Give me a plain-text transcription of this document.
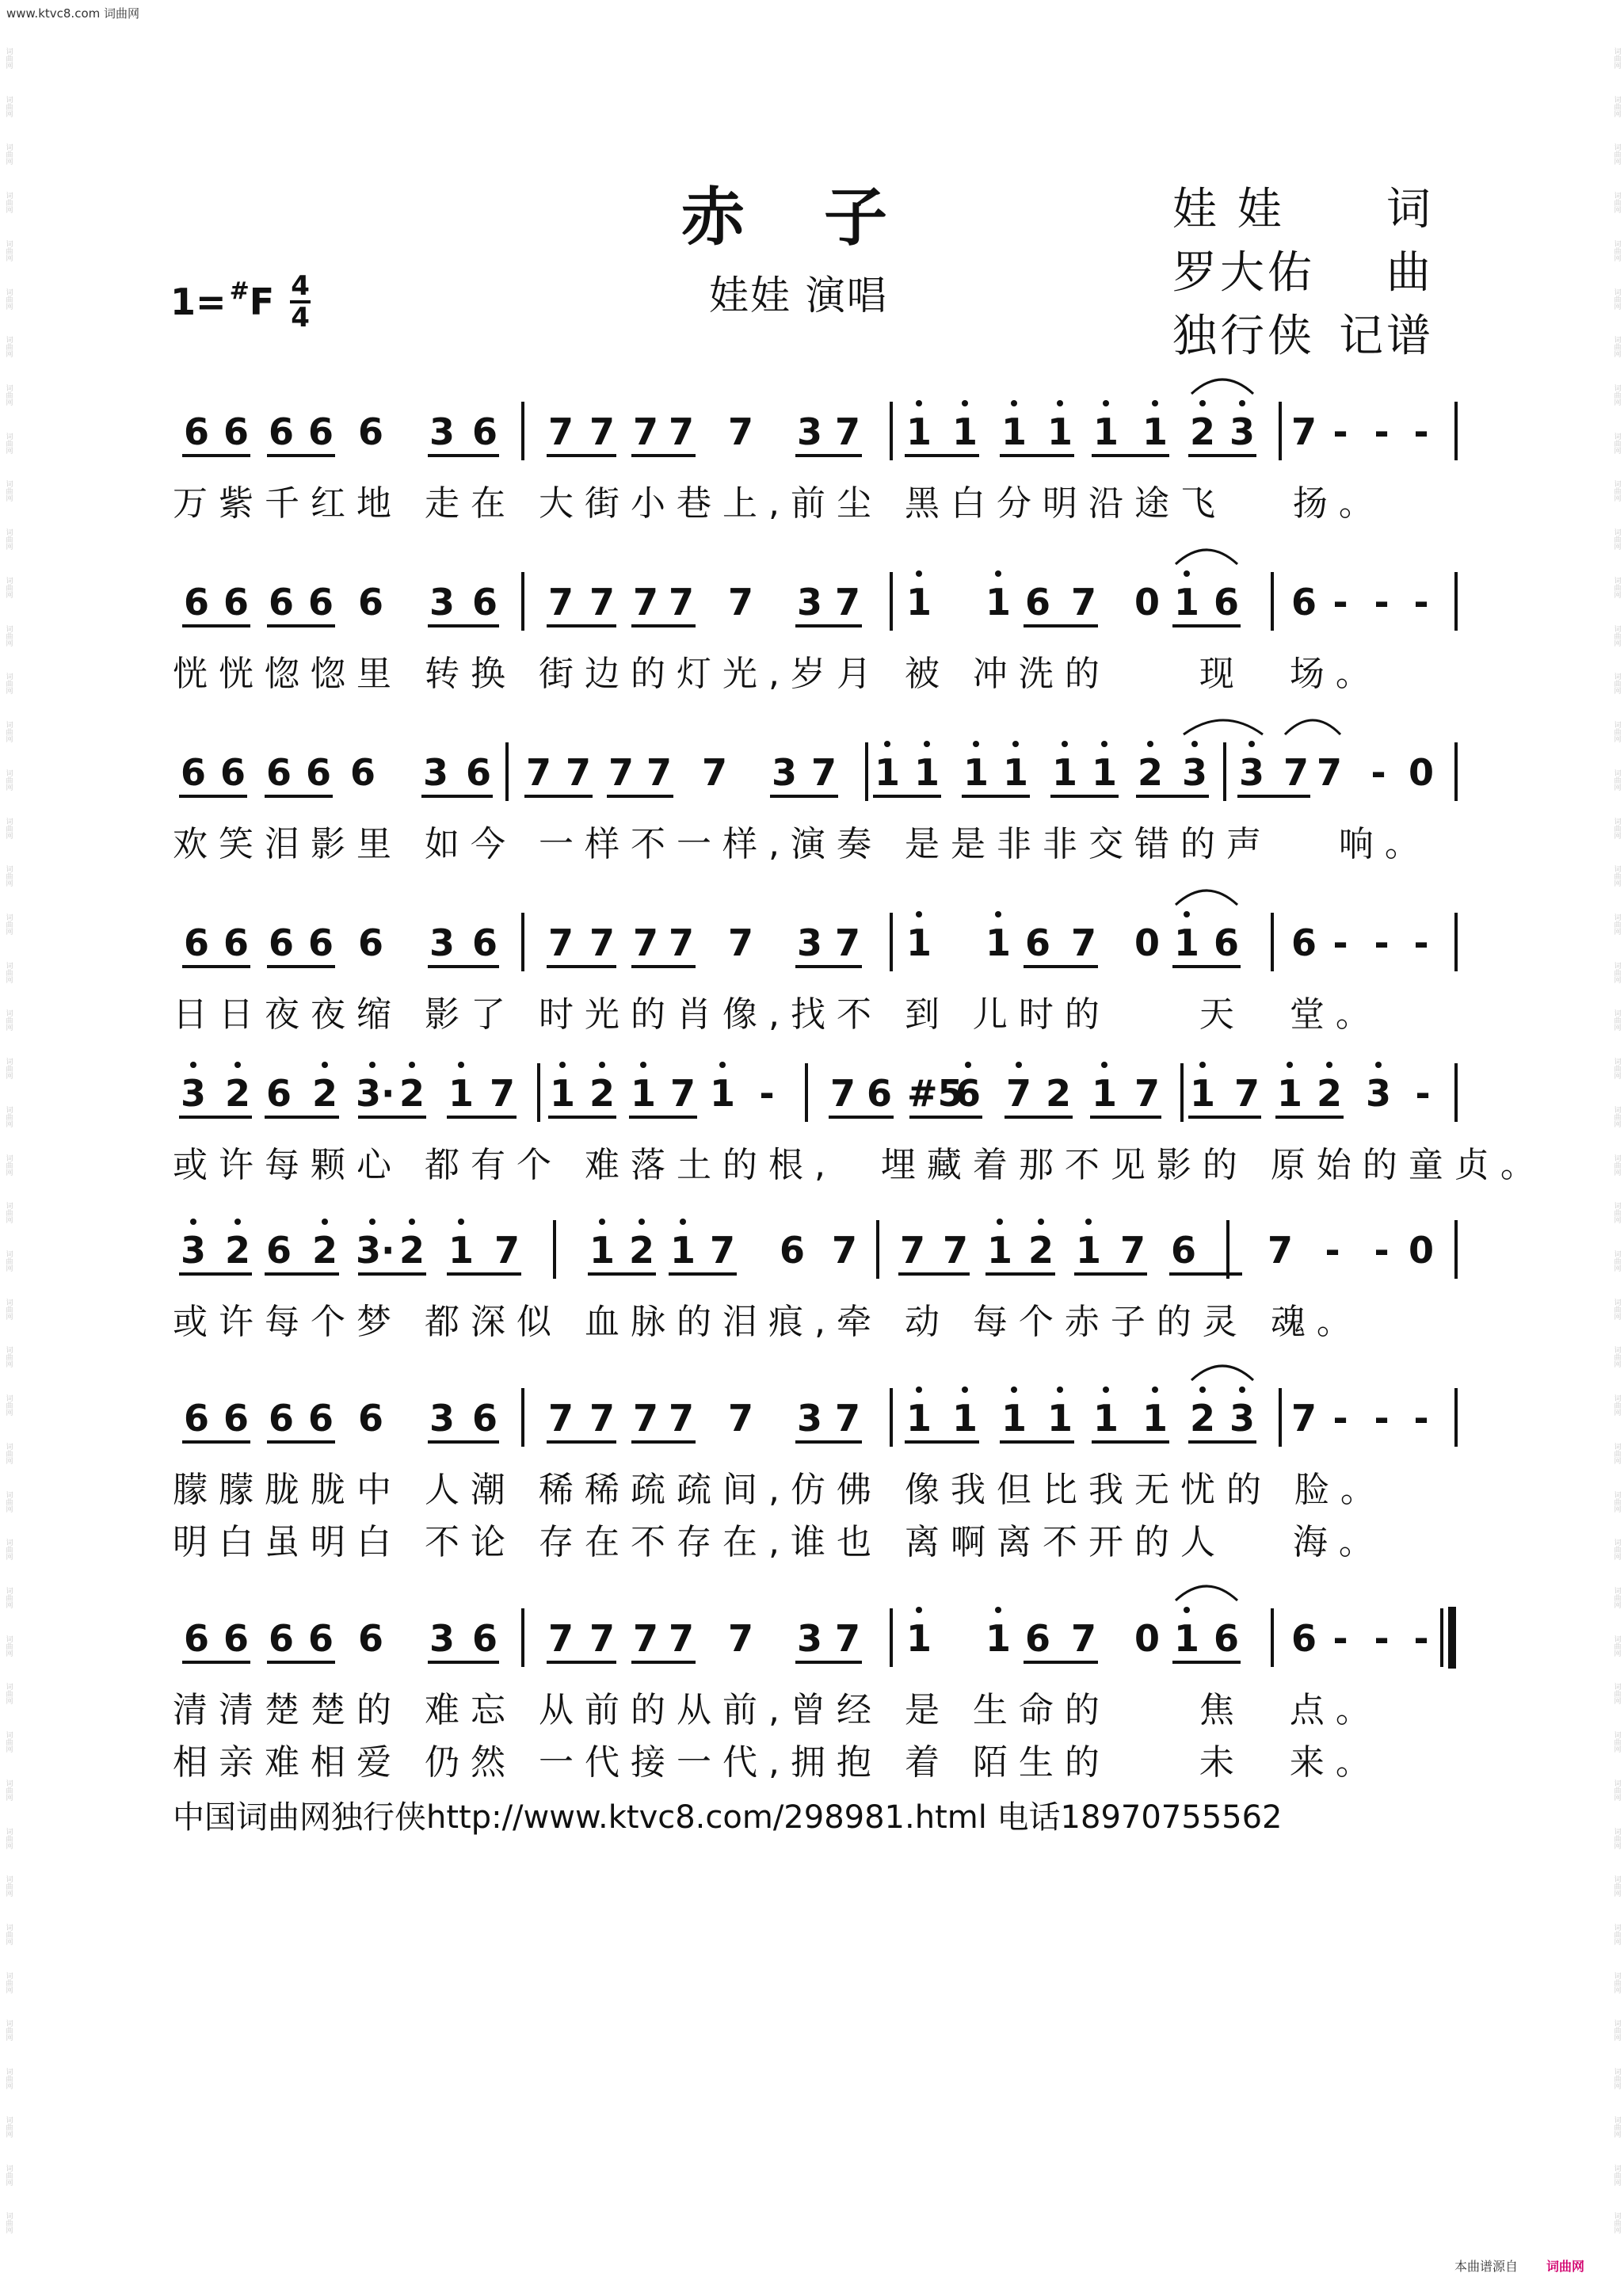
www.ktvc8.com 词曲网
词曲网
词曲网
词曲网
词曲网
词曲网
词曲网
词曲网
词曲网
词曲网
词曲网
词曲网
词曲网
词曲网
词曲网
词曲网
词曲网
词曲网
词曲网
词曲网
词曲网
词曲网
词曲网
词曲网
词曲网
词曲网
词曲网
词曲网
词曲网
词曲网
词曲网
词曲网
词曲网
词曲网
词曲网
词曲网
词曲网
词曲网
词曲网
词曲网
词曲网
词曲网
词曲网
词曲网
词曲网
词曲网
词曲网
词曲网
词曲网
词曲网
词曲网
词曲网
词曲网
词曲网
词曲网
词曲网
词曲网
词曲网
词曲网
词曲网
词曲网
词曲网
词曲网
词曲网
词曲网
词曲网
词曲网
词曲网
词曲网
词曲网
词曲网
词曲网
词曲网
词曲网
词曲网
词曲网
词曲网
词曲网
词曲网
词曲网
词曲网
词曲网
词曲网
词曲网
词曲网
词曲网
词曲网
词曲网
词曲网
词曲网
词曲网
词曲网
词曲网
赤子	娃 娃 词
罗大佑 曲
独行侠 记谱
娃娃 演唱
1= # F 4
4
6 6 6 6 6 3 6 7 7 7 7 7 3 7 1 1 1 1 1 1 2 3 7 - - -
万紫千红地 走在 大街小巷上,前尘 黑白分明沿途飞   扬。
6 6 6 6 6 3 6 7 7 7 7 7 3 7 1 1 6 7 0 1 6 6 - - -
恍恍惚惚里 转换 街边的灯光,岁月 被 冲洗的    现  场。
6 6 6 6 6 3 6 7 7 7 7 7 3 7 1 1 1 1 1 1 2 3 3 7 7 - 0
欢笑泪影里 如今 一样不一样,演奏 是是非非交错的声   响。
6 6 6 6 6 3 6 7 7 7 7 7 3 7 1 1 6 7 0 1 6 6 - - -
日日夜夜缩 影了 时光的肖像,找不 到 儿时的    天  堂。
3 2 6 2 3· 2 1 7 1 2 1 7 1 - 7 6 #5
6 7 2 1 7 1 7 1 2 3 -
或许每颗心 都有个 难落土的根,  埋藏着那不见影的 原始的童贞。
3 2 6 2 3· 2 1 7 1 2 1 7 6 7 7 7 1 2 1 7 6 7 - - 0
或许每个梦 都深似 血脉的泪痕,牵 动 每个赤子的灵 魂。
6 6 6 6 6 3 6 7 7 7 7 7 3 7 1 1 1 1 1 1 2 3 7 - - -
朦朦胧胧中 人潮 稀稀疏疏间,仿佛 像我但比我无忧的 脸。
明白虽明白 不论 存在不存在,谁也 离啊离不开的人   海。
6 6 6 6 6 3 6 7 7 7 7 7 3 7 1 1 6 7 0 1 6 6 - - -
清清楚楚的 难忘 从前的从前,曾经 是 生命的    焦  点。
相亲难相爱 仍然 一代接一代,拥抱 着 陌生的    未  来。
中国词曲网独行侠http://www.ktvc8.com/298981.html 电话18970755562
本曲谱源自 词曲网
